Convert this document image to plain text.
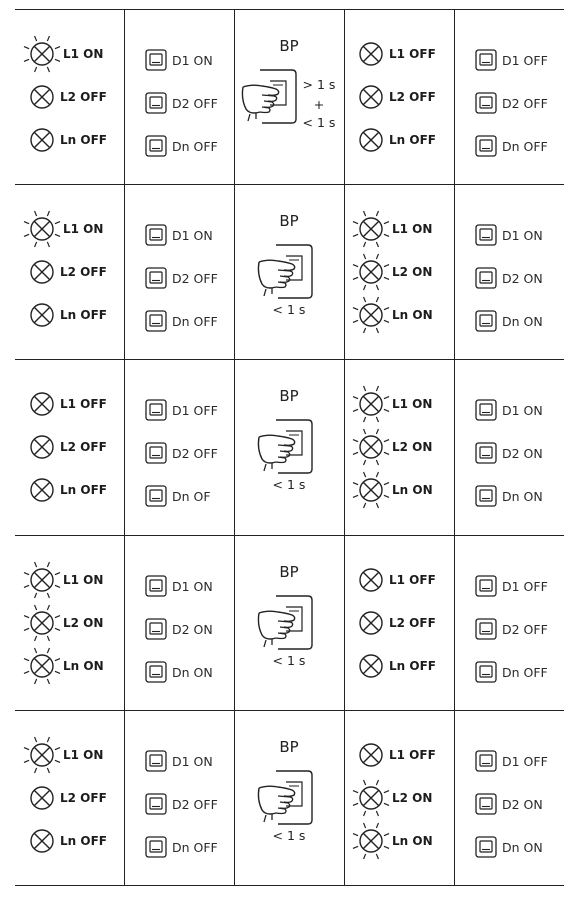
L1 ON
L2 OFF
Ln OFF
D1 ON
D2 OFF
Dn OFF
BP
> 1 s
+
< 1 s
L1 OFF
L2 OFF
Ln OFF
D1 OFF
D2 OFF
Dn OFF
L1 ON
L2 OFF
Ln OFF
D1 ON
D2 OFF
Dn OFF
BP
< 1 s
L1 ON
L2 ON
Ln ON
D1 ON
D2 ON
Dn ON
L1 OFF
L2 OFF
Ln OFF
D1 OFF
D2 OFF
Dn OF
BP
< 1 s
L1 ON
L2 ON
Ln ON
D1 ON
D2 ON
Dn ON
L1 ON
L2 ON
Ln ON
D1 ON
D2 ON
Dn ON
BP
< 1 s
L1 OFF
L2 OFF
Ln OFF
D1 OFF
D2 OFF
Dn OFF
L1 ON
L2 OFF
Ln OFF
D1 ON
D2 OFF
Dn OFF
BP
< 1 s
L1 OFF
L2 ON
Ln ON
D1 OFF
D2 ON
Dn ON
